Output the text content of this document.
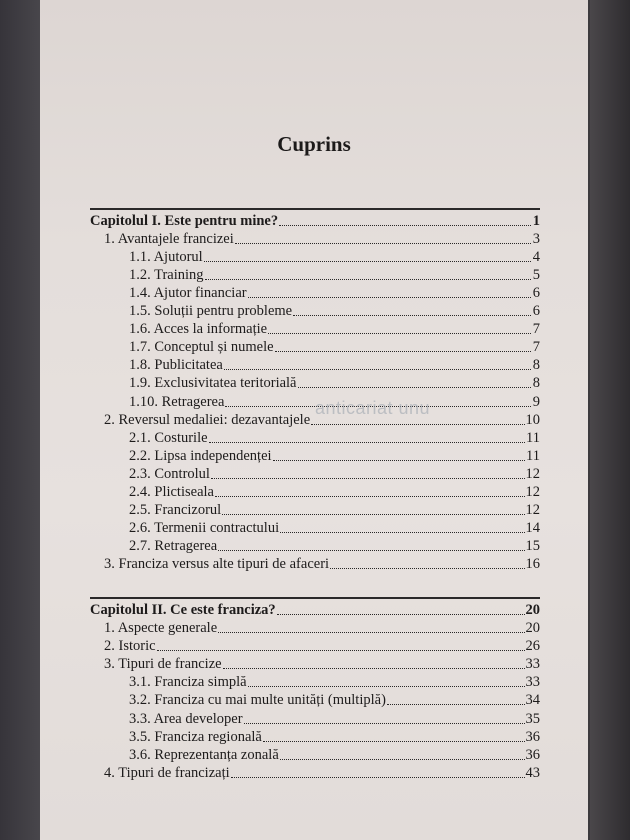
Cuprins
Capitolul I. Este pentru mine?	1
1. Avantajele francizei	3
1.1. Ajutorul	4
1.2. Training	5
1.4. Ajutor financiar	6
1.5. Soluții pentru probleme	6
1.6. Acces la informație	7
1.7. Conceptul și numele	7
1.8. Publicitatea	8
1.9. Exclusivitatea teritorială	8
1.10. Retragerea	9
2. Reversul medaliei: dezavantajele	10
2.1. Costurile	11
2.2. Lipsa independenței	11
2.3. Controlul	12
2.4. Plictiseala	12
2.5. Francizorul	12
2.6. Termenii contractului	14
2.7. Retragerea	15
3. Franciza versus alte tipuri de afaceri	16
Capitolul II. Ce este franciza?	20
1. Aspecte generale	20
2. Istoric	26
3. Tipuri de francize	33
3.1. Franciza simplă	33
3.2. Franciza cu mai multe unități (multiplă)	34
3.3. Area developer	35
3.5. Franciza regională	36
3.6. Reprezentanța zonală	36
4. Tipuri de francizați	43
anticariat unu
